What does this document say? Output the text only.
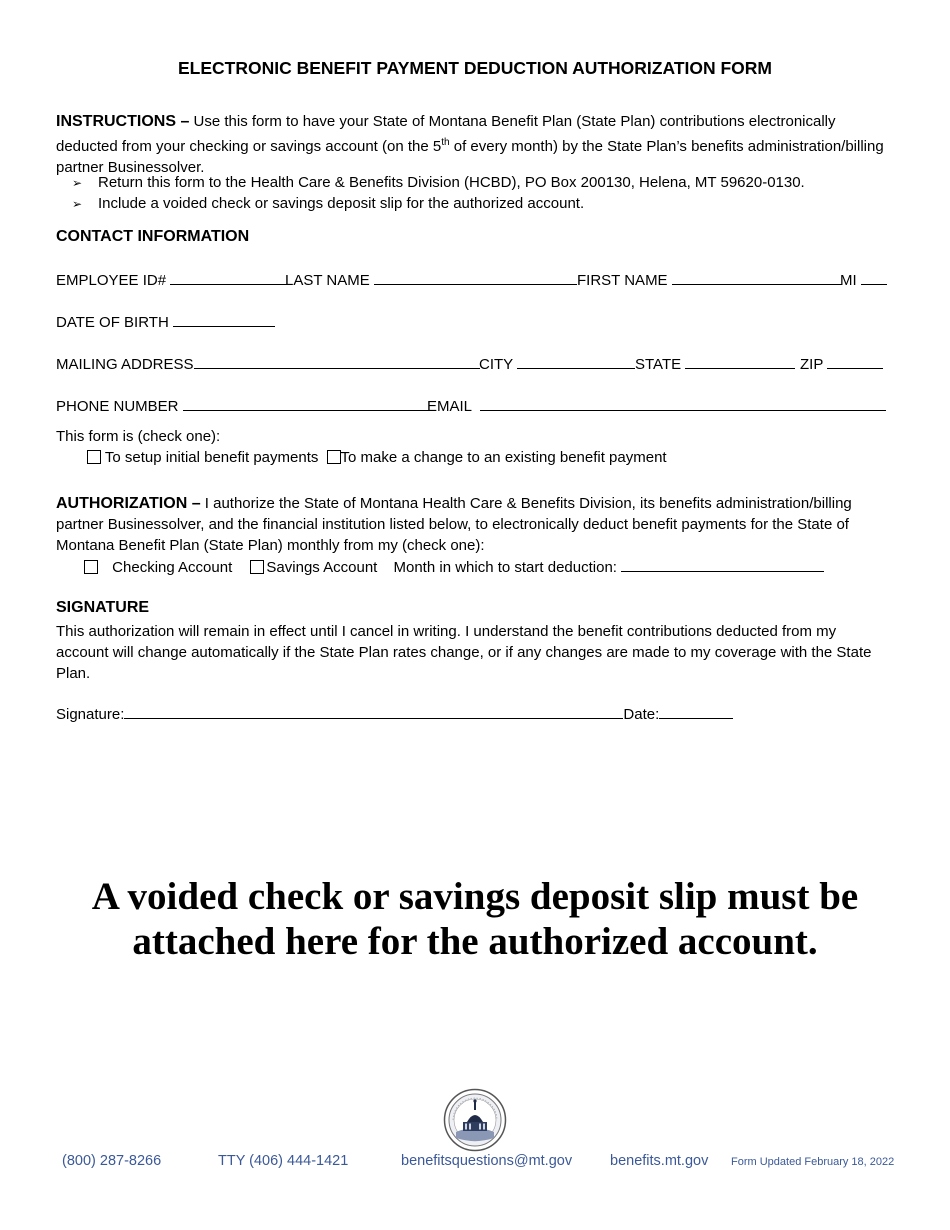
ELECTRONIC BENEFIT PAYMENT DEDUCTION AUTHORIZATION FORM
INSTRUCTIONS – Use this form to have your State of Montana Benefit Plan (State Plan) contributions electronically deducted from your checking or savings account (on the 5th of every month) by the State Plan’s benefits administration/billing partner Businessolver.
➢ Return this form to the Health Care & Benefits Division (HCBD), PO Box 200130, Helena, MT 59620-0130.
➢ Include a voided check or savings deposit slip for the authorized account.
CONTACT INFORMATION
EMPLOYEE ID#	LAST NAME	FIRST NAME	MI
DATE OF BIRTH
MAILING ADDRESS	CITY	STATE	ZIP
PHONE NUMBER	EMAIL
This form is (check one):
To setup initial benefit payments To make a change to an existing benefit payment
AUTHORIZATION – I authorize the State of Montana Health Care & Benefits Division, its benefits administration/billing partner Businessolver, and the financial institution listed below, to electronically deduct benefit payments for the State of Montana Benefit Plan (State Plan) monthly from my (check one):
Checking Account Savings Account Month in which to start deduction:
SIGNATURE
This authorization will remain in effect until I cancel in writing. I understand the benefit contributions deducted from my account will change automatically if the State Plan rates change, or if any changes are made to my coverage with the State Plan.
Signature:	Date:
A voided check or savings deposit slip must be
attached here for the authorized account.
(800) 287-8266	TTY (406) 444-1421	benefitsquestions@mt.gov	benefits.mt.gov Form Updated February 18, 2022
